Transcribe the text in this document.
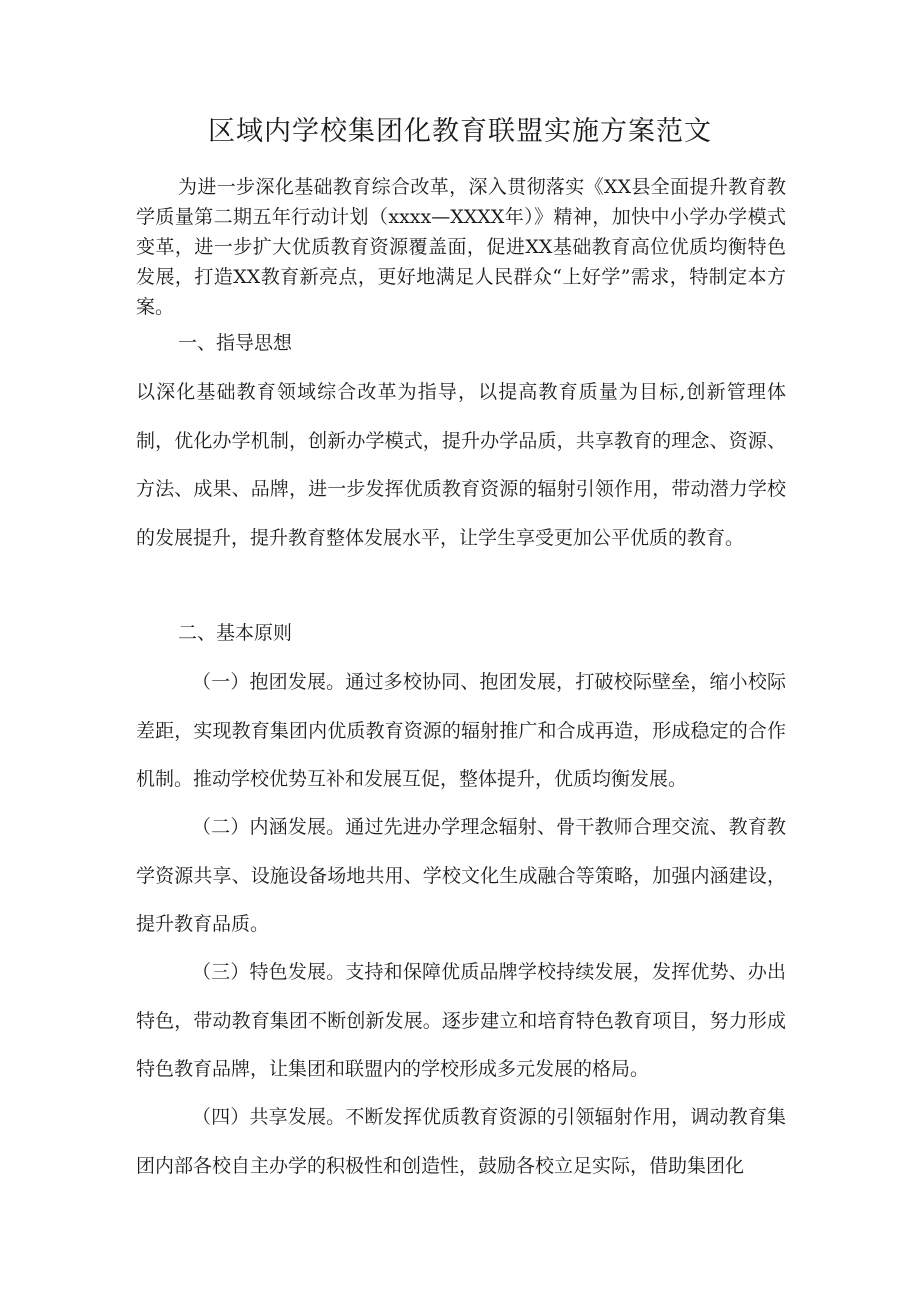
区域内学校集团化教育联盟实施方案范文

为进一步深化基础教育综合改革，深入贯彻落实《XX县全面提升教育教学质量第二期五年行动计划（xxxx—XXXX年）》精神，加快中小学办学模式变革，进一步扩大优质教育资源覆盖面，促进XX基础教育高位优质均衡特色发展，打造XX教育新亮点，更好地满足人民群众“上好学”需求，特制定本方案。

一、指导思想

以深化基础教育领域综合改革为指导，以提高教育质量为目标,创新管理体制，优化办学机制，创新办学模式，提升办学品质，共享教育的理念、资源、方法、成果、品牌，进一步发挥优质教育资源的辐射引领作用，带动潜力学校的发展提升，提升教育整体发展水平，让学生享受更加公平优质的教育。

二、基本原则

（一）抱团发展。通过多校协同、抱团发展，打破校际壁垒，缩小校际差距，实现教育集团内优质教育资源的辐射推广和合成再造，形成稳定的合作机制。推动学校优势互补和发展互促，整体提升，优质均衡发展。

（二）内涵发展。通过先进办学理念辐射、骨干教师合理交流、教育教学资源共享、设施设备场地共用、学校文化生成融合等策略，加强内涵建设，提升教育品质。

（三）特色发展。支持和保障优质品牌学校持续发展，发挥优势、办出特色，带动教育集团不断创新发展。逐步建立和培育特色教育项目，努力形成特色教育品牌，让集团和联盟内的学校形成多元发展的格局。

（四）共享发展。不断发挥优质教育资源的引领辐射作用，调动教育集团内部各校自主办学的积极性和创造性，鼓励各校立足实际，借助集团化
